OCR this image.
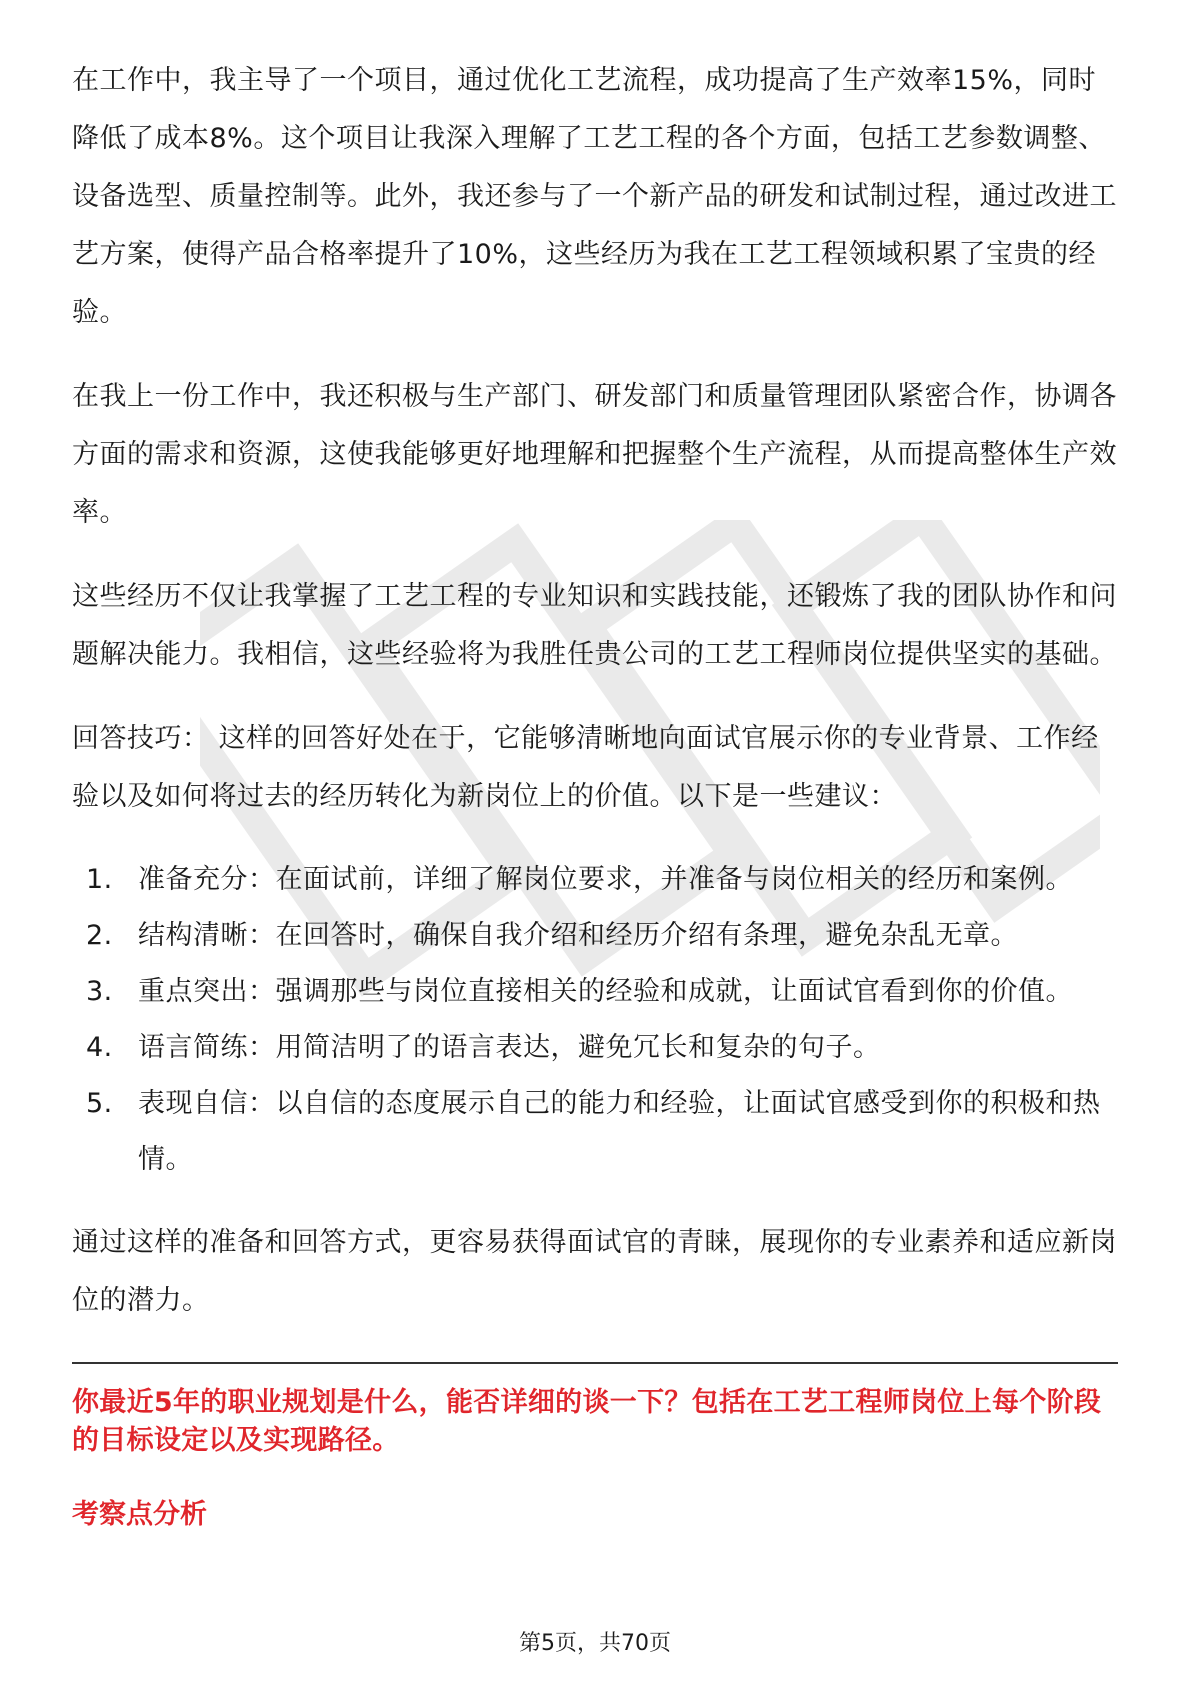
在工作中，我主导了一个项目，通过优化工艺流程，成功提高了生产效率15%，同时降低了成本8%。这个项目让我深入理解了工艺工程的各个方面，包括工艺参数调整、设备选型、质量控制等。此外，我还参与了一个新产品的研发和试制过程，通过改进工艺方案，使得产品合格率提升了10%，这些经历为我在工艺工程领域积累了宝贵的经验。

在我上一份工作中，我还积极与生产部门、研发部门和质量管理团队紧密合作，协调各方面的需求和资源，这使我能够更好地理解和把握整个生产流程，从而提高整体生产效率。

这些经历不仅让我掌握了工艺工程的专业知识和实践技能，还锻炼了我的团队协作和问题解决能力。我相信，这些经验将为我胜任贵公司的工艺工程师岗位提供坚实的基础。

回答技巧： 这样的回答好处在于，它能够清晰地向面试官展示你的专业背景、工作经验以及如何将过去的经历转化为新岗位上的价值。以下是一些建议：

1. 准备充分：在面试前，详细了解岗位要求，并准备与岗位相关的经历和案例。
2. 结构清晰：在回答时，确保自我介绍和经历介绍有条理，避免杂乱无章。
3. 重点突出：强调那些与岗位直接相关的经验和成就，让面试官看到你的价值。
4. 语言简练：用简洁明了的语言表达，避免冗长和复杂的句子。
5. 表现自信：以自信的态度展示自己的能力和经验，让面试官感受到你的积极和热情。

通过这样的准备和回答方式，更容易获得面试官的青睐，展现你的专业素养和适应新岗位的潜力。

你最近5年的职业规划是什么，能否详细的谈一下？包括在工艺工程师岗位上每个阶段的目标设定以及实现路径。

考察点分析

第5页，共70页
